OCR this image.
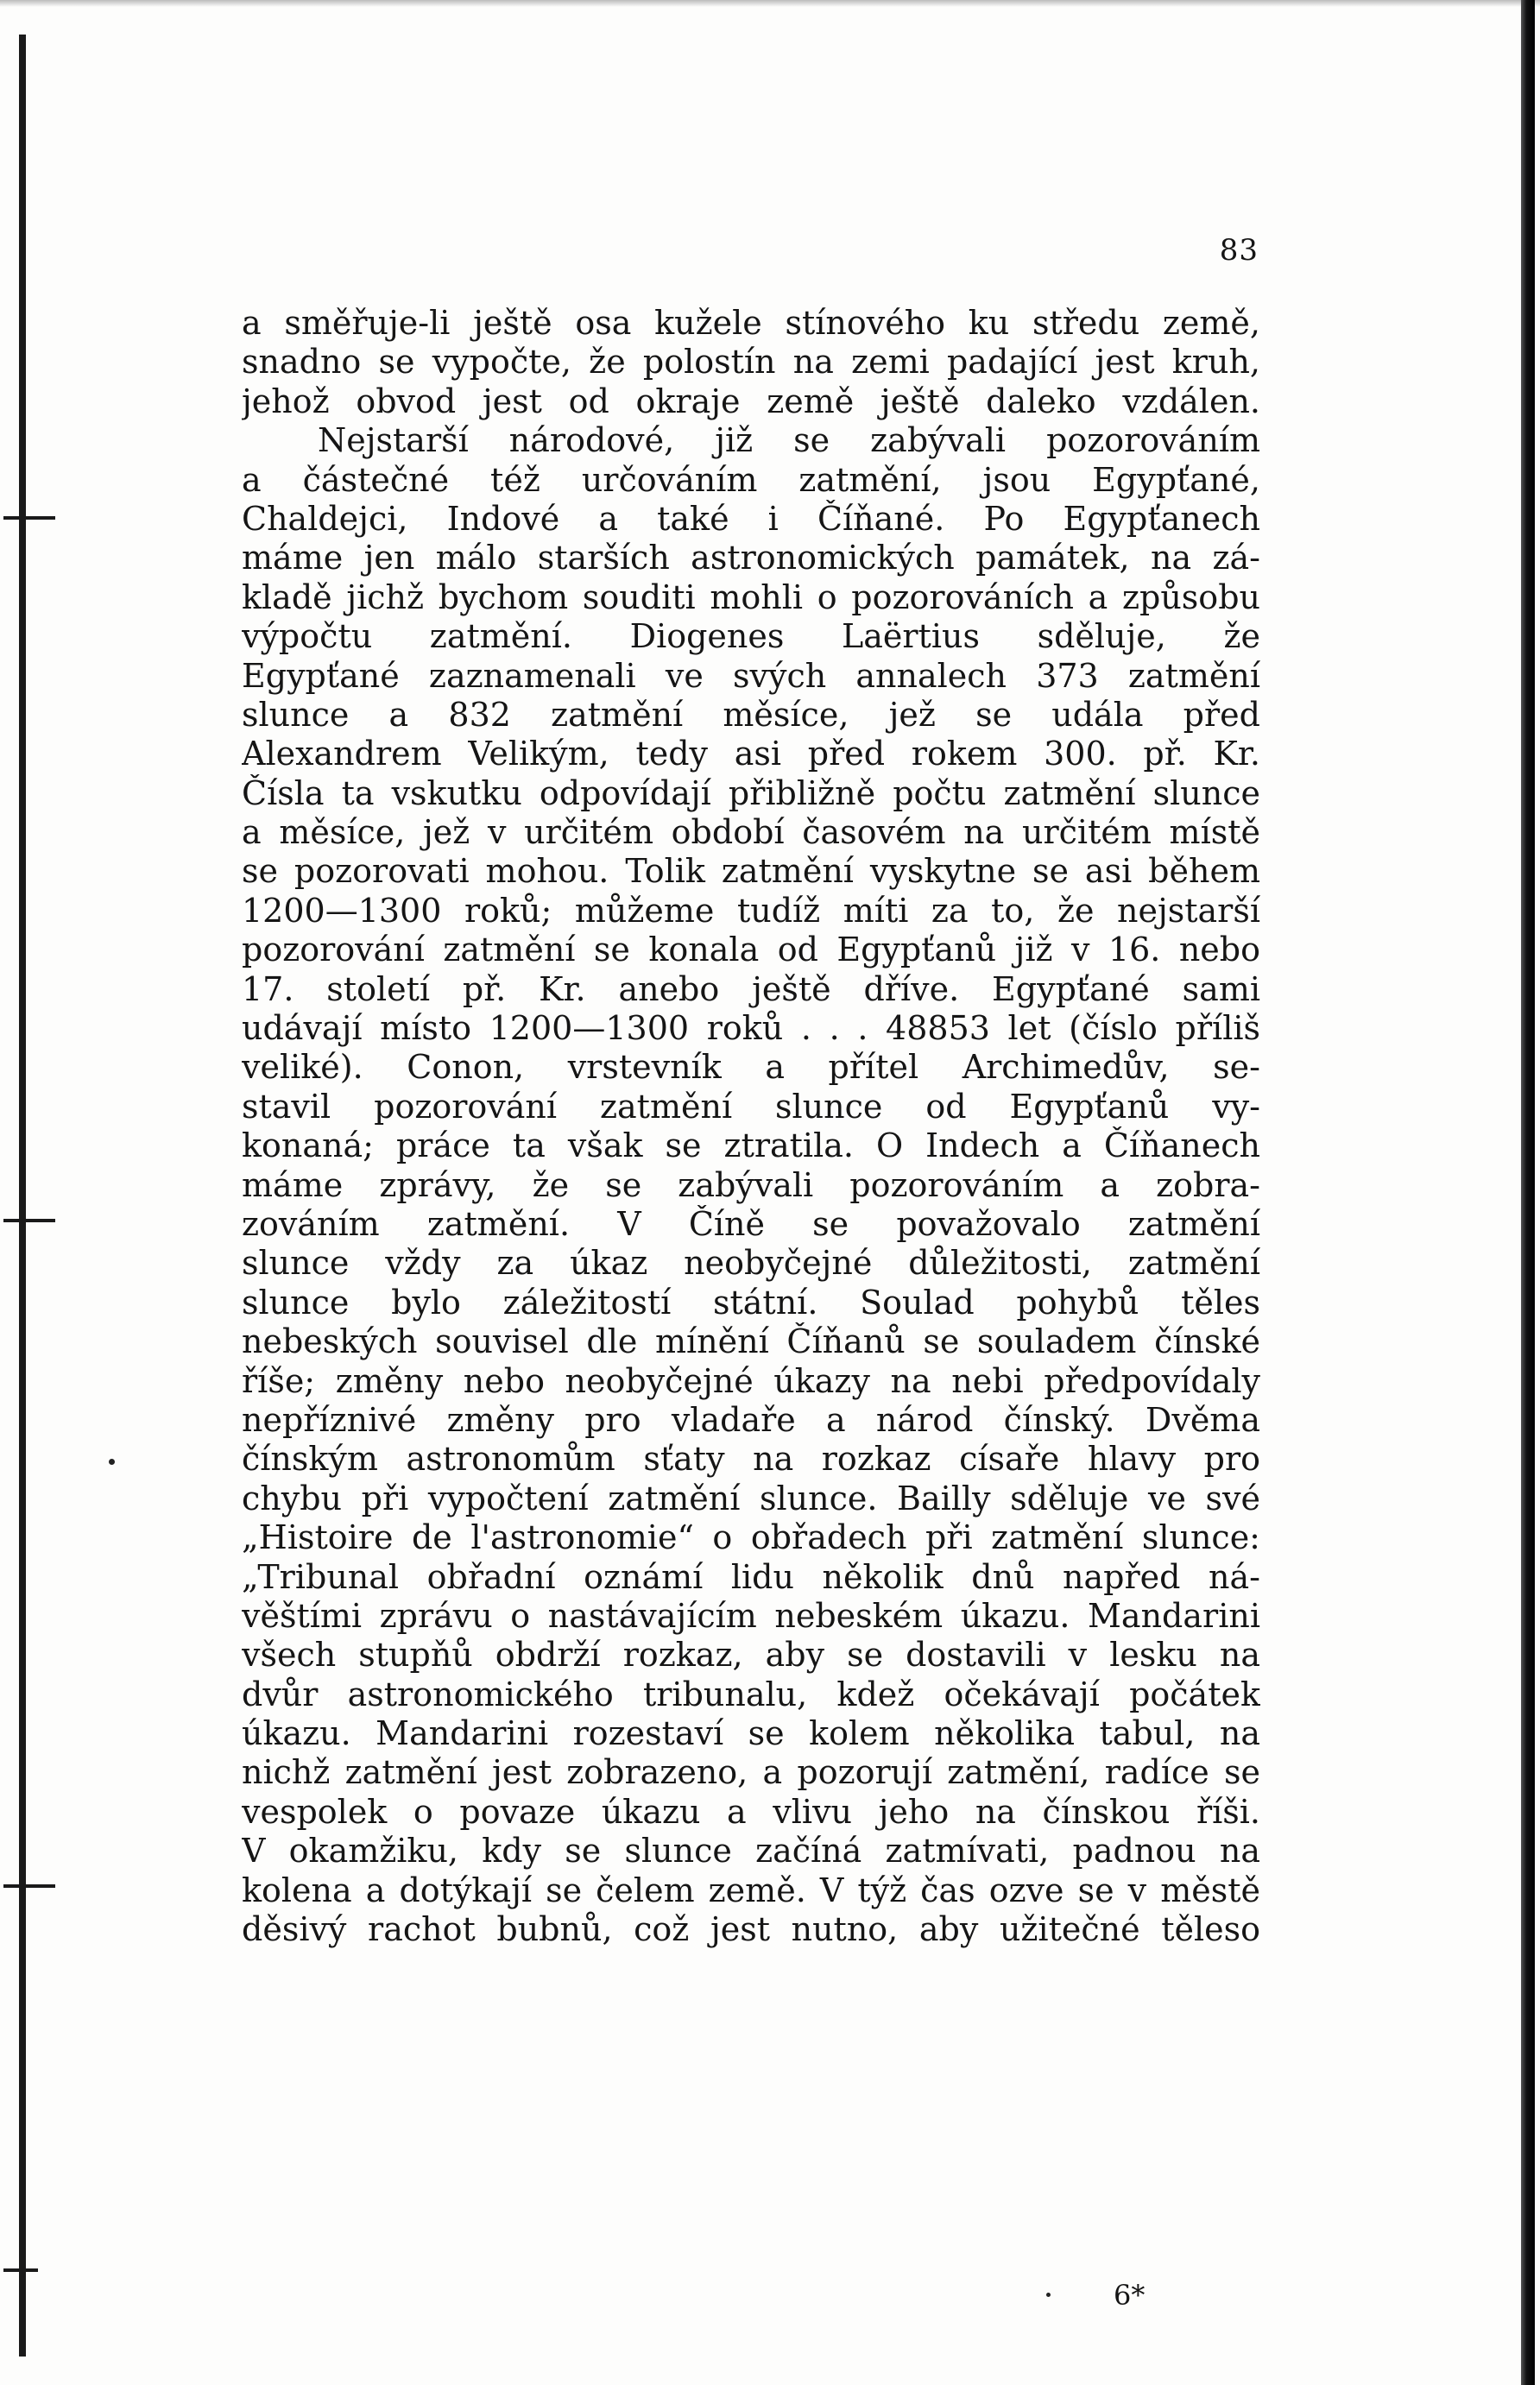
83
a směřuje-li ještě osa kužele stínového ku středu země,
snadno se vypočte, že polostín na zemi padající jest kruh,
jehož obvod jest od okraje země ještě daleko vzdálen.
Nejstarší národové, již se zabývali pozorováním
a částečné též určováním zatmění, jsou Egypťané,
Chaldejci, Indové a také i Číňané. Po Egypťanech
máme jen málo starších astronomických památek, na zá-
kladě jichž bychom souditi mohli o pozorováních a způsobu
výpočtu zatmění. Diogenes Laërtius sděluje, že
Egypťané zaznamenali ve svých annalech 373 zatmění
slunce a 832 zatmění měsíce, jež se udála před
Alexandrem Velikým, tedy asi před rokem 300. př. Kr.
Čísla ta vskutku odpovídají přibližně počtu zatmění slunce
a měsíce, jež v určitém období časovém na určitém místě
se pozorovati mohou. Tolik zatmění vyskytne se asi během
1200—1300 roků; můžeme tudíž míti za to, že nejstarší
pozorování zatmění se konala od Egypťanů již v 16. nebo
17. století př. Kr. anebo ještě dříve. Egypťané sami
udávají místo 1200—1300 roků . . . 48853 let (číslo příliš
veliké). Conon, vrstevník a přítel Archimedův, se-
stavil pozorování zatmění slunce od Egypťanů vy-
konaná; práce ta však se ztratila. O Indech a Číňanech
máme zprávy, že se zabývali pozorováním a zobra-
zováním zatmění. V Číně se považovalo zatmění
slunce vždy za úkaz neobyčejné důležitosti, zatmění
slunce bylo záležitostí státní. Soulad pohybů těles
nebeských souvisel dle mínění Číňanů se souladem čínské
říše; změny nebo neobyčejné úkazy na nebi předpovídaly
nepříznivé změny pro vladaře a národ čínský. Dvěma
čínským astronomům sťaty na rozkaz císaře hlavy pro
chybu při vypočtení zatmění slunce. Bailly sděluje ve své
„Histoire de l'astronomie“ o obřadech při zatmění slunce:
„Tribunal obřadní oznámí lidu několik dnů napřed ná-
věštími zprávu o nastávajícím nebeském úkazu. Mandarini
všech stupňů obdrží rozkaz, aby se dostavili v lesku na
dvůr astronomického tribunalu, kdež očekávají počátek
úkazu. Mandarini rozestaví se kolem několika tabul, na
nichž zatmění jest zobrazeno, a pozorují zatmění, radíce se
vespolek o povaze úkazu a vlivu jeho na čínskou říši.
V okamžiku, kdy se slunce začíná zatmívati, padnou na
kolena a dotýkají se čelem země. V týž čas ozve se v městě
děsivý rachot bubnů, což jest nutno, aby užitečné těleso
6*
